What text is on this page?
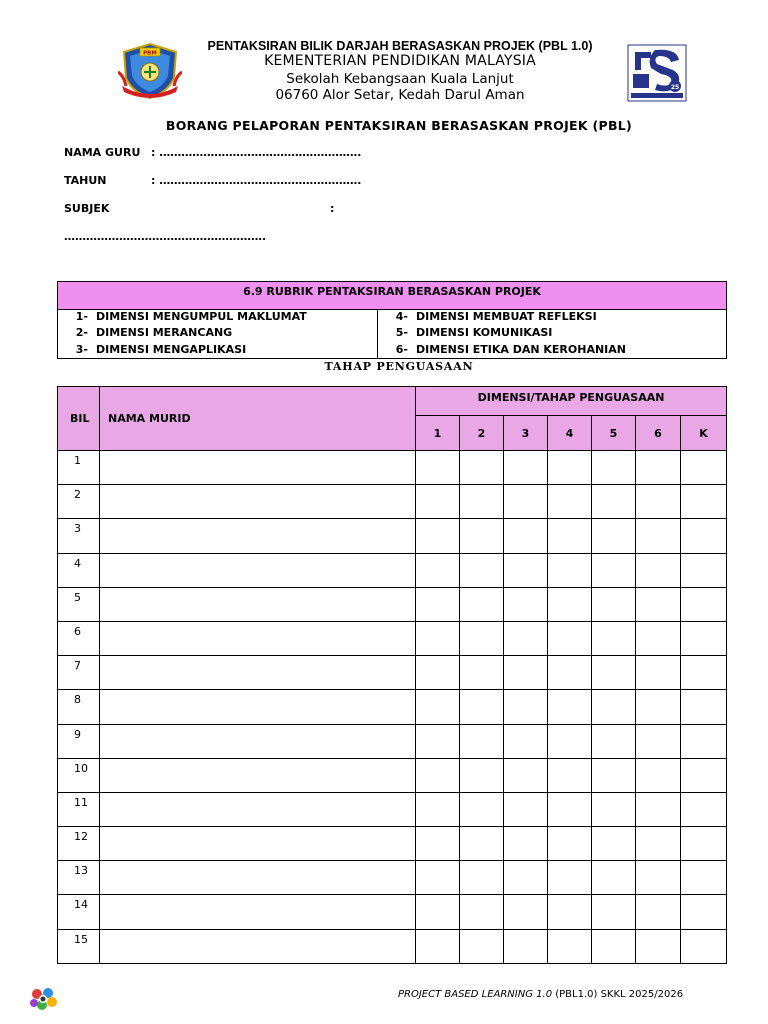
PBM
25
PENTAKSIRAN BILIK DARJAH BERASASKAN PROJEK (PBL 1.0)
KEMENTERIAN PENDIDIKAN MALAYSIA
Sekolah Kebangsaan Kuala Lanjut
06760 Alor Setar, Kedah Darul Aman
BORANG PELAPORAN PENTAKSIRAN BERASASKAN PROJEK (PBL)
NAMA GURU : ……………………………………………….
TAHUN	: ……………………………………………….
SUBJEK	:
……………………………………………….
6.9 RUBRIK PENTAKSIRAN BERASASKAN PROJEK
1- DIMENSI MENGUMPUL MAKLUMAT
2- DIMENSI MERANCANG
3- DIMENSI MENGAPLIKASI
4- DIMENSI MEMBUAT REFLEKSI
5- DIMENSI KOMUNIKASI
6- DIMENSI ETIKA DAN KEROHANIAN
TAHAP PENGUASAAN
BIL	NAMA MURID	DIMENSI/TAHAP PENGUASAAN						
		1	2	3	4	5	6	K
1								
2								
3								
4								
5								
6								
7								
8								
9								
10								
11								
12								
13								
14								
15								
PROJECT BASED LEARNING 1.0 (PBL1.0) SKKL 2025/2026
